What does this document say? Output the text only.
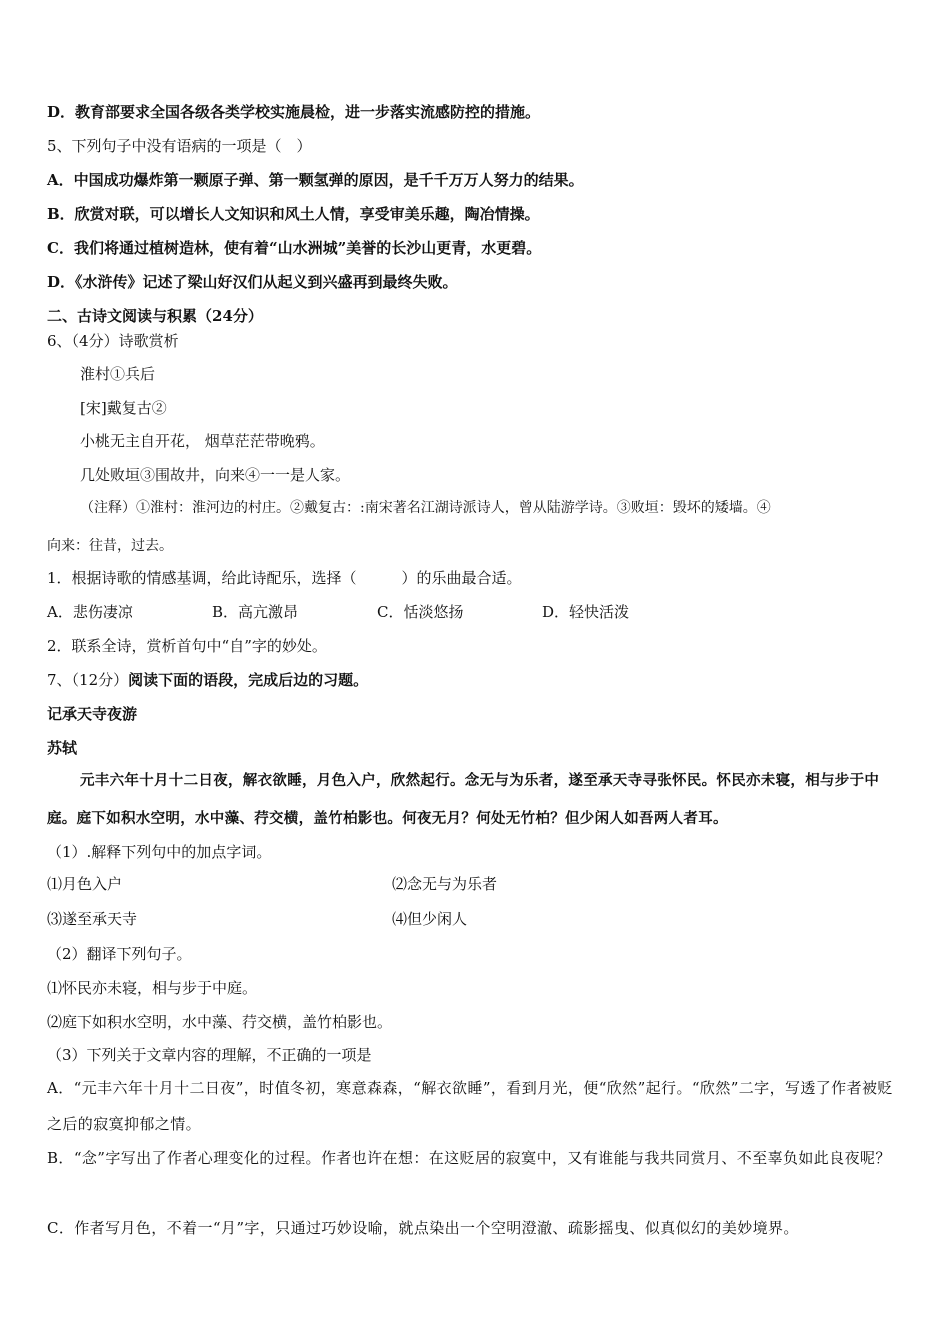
D．教育部要求全国各级各类学校实施晨检，进一步落实流感防控的措施。
5、下列句子中没有语病的一项是（　）
A．中国成功爆炸第一颗原子弹、第一颗氢弹的原因，是千千万万人努力的结果。
B．欣赏对联，可以增长人文知识和风土人情，享受审美乐趣，陶冶情操。
C．我们将通过植树造林，使有着“山水洲城”美誉的长沙山更青，水更碧。
D．《水浒传》记述了梁山好汉们从起义到兴盛再到最终失败。
二、古诗文阅读与积累（24分）
6、（4分）诗歌赏析
淮村①兵后
[宋]戴复古②
小桃无主自开花， 烟草茫茫带晚鸦。
几处败垣③围故井，向来④一一是人家。
（注释）①淮村：淮河边的村庄。②戴复古：:南宋著名江湖诗派诗人，曾从陆游学诗。③败垣：毁坏的矮墙。④
向来：往昔，过去。
1．根据诗歌的情感基调，给此诗配乐，选择（　　　）的乐曲最合适。
A．悲伤凄凉	B．高亢激昂	C．恬淡悠扬	D．轻快活泼
2．联系全诗，赏析首句中“自”字的妙处。
7、（12分）阅读下面的语段，完成后边的习题。
记承天寺夜游
苏轼
元丰六年十月十二日夜，解衣欲睡，月色入户，欣然起行。念无与为乐者，遂至承天寺寻张怀民。怀民亦未寝，相与步于中庭。庭下如积水空明，水中藻、荇交横，盖竹柏影也。何夜无月？何处无竹柏？但少闲人如吾两人者耳。
（1）.解释下列句中的加点字词。
⑴月色入户	⑵念无与为乐者
⑶遂至承天寺	⑷但少闲人
（2）翻译下列句子。
⑴怀民亦未寝，相与步于中庭。
⑵庭下如积水空明，水中藻、荇交横，盖竹柏影也。
（3）下列关于文章内容的理解，不正确的一项是
A．“元丰六年十月十二日夜”，时值冬初，寒意森森，“解衣欲睡”，看到月光，便“欣然”起行。“欣然”二字，写透了作者被贬之后的寂寞抑郁之情。
B．“念”字写出了作者心理变化的过程。作者也许在想：在这贬居的寂寞中，又有谁能与我共同赏月、不至辜负如此良夜呢？
C．作者写月色，不着一“月”字，只通过巧妙设喻，就点染出一个空明澄澈、疏影摇曳、似真似幻的美妙境界。
